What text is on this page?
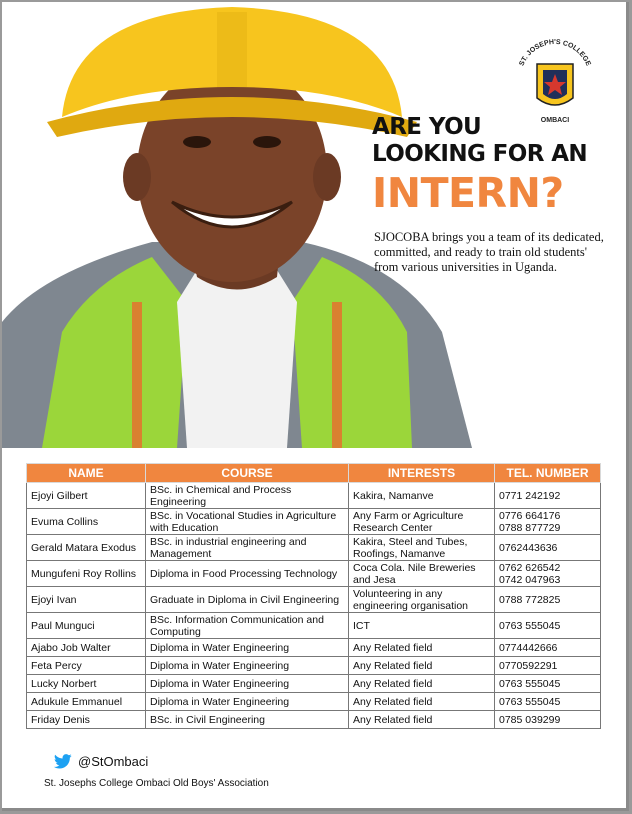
ST. JOSEPH'S COLLEGE
OMBACI
ARE YOU
LOOKING FOR AN
INTERN?
SJOCOBA brings you a team of its dedicated, committed, and ready to train old students' from various universities in Uganda.
NAME	COURSE	INTERESTS	TEL. NUMBER
Ejoyi Gilbert	BSc. in Chemical and Process Engineering	Kakira, Namanve	0771 242192
Evuma Collins	BSc. in Vocational Studies in Agriculture with Education	Any Farm or Agriculture Research Center	0776 664176
0788 877729
Gerald Matara Exodus	BSc. in industrial engineering and Management	Kakira, Steel and Tubes, Roofings, Namanve	0762443636
Mungufeni Roy Rollins	Diploma in Food Processing Technology	Coca Cola. Nile Breweries and Jesa	0762 626542
0742 047963
Ejoyi Ivan	Graduate in Diploma in Civil Engineering	Volunteering in any engineering organisation	0788 772825
Paul Munguci	BSc. Information Communication and Computing	ICT	0763 555045
Ajabo Job Walter	Diploma in Water Engineering	Any Related field	0774442666
Feta Percy	Diploma in Water Engineering	Any Related field	0770592291
Lucky Norbert	Diploma in Water Engineering	Any Related field	0763 555045
Adukule Emmanuel	Diploma in Water Engineering	Any Related field	0763 555045
Friday Denis	BSc. in Civil Engineering	Any Related field	0785 039299
@StOmbaci
St. Josephs College Ombaci Old Boys' Association
